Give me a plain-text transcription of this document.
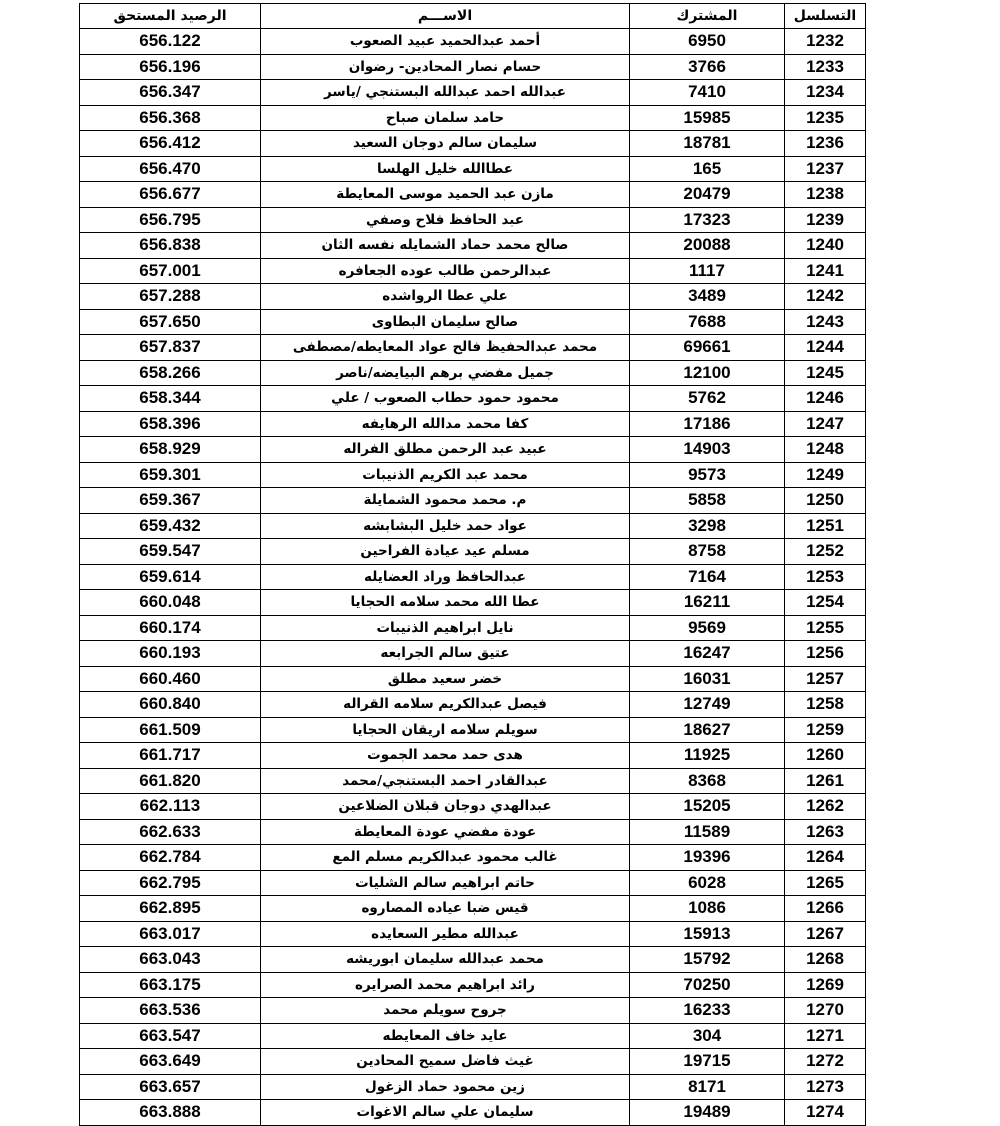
الرصيد المستحق	الاســـم	المشترك	التسلسل
656.122	أحمد عبدالحميد عبيد الصعوب	6950	1232
656.196	حسام نصار المحادين- رضوان	3766	1233
656.347	عبدالله احمد عبدالله البستنجي /ياسر	7410	1234
656.368	حامد سلمان صباح	15985	1235
656.412	سليمان سالم دوجان السعيد	18781	1236
656.470	عطاالله خليل الهلسا	165	1237
656.677	مازن عبد الحميد موسى المعايطة	20479	1238
656.795	عبد الحافظ فلاح وصفي	17323	1239
656.838	صالح محمد حماد الشمايله نفسه الثان	20088	1240
657.001	عبدالرحمن طالب عوده الجعافره	1117	1241
657.288	علي عطا الرواشده	3489	1242
657.650	صالح سليمان البطاوى	7688	1243
657.837	محمد عبدالحفيظ فالح عواد المعايطه/مصطفى	69661	1244
658.266	جميل مفضي برهم البيايضه/ناصر	12100	1245
658.344	محمود حمود حطاب الصعوب / علي	5762	1246
658.396	كفا محمد مدالله الرهايفه	17186	1247
658.929	عبيد عبد الرحمن مطلق الفراله	14903	1248
659.301	محمد عبد الكريم الذنيبات	9573	1249
659.367	م. محمد محمود الشمايلة	5858	1250
659.432	عواد حمد خليل البشابشه	3298	1251
659.547	مسلم عيد عيادة الفراحين	8758	1252
659.614	عبدالحافظ وراد العضايله	7164	1253
660.048	عطا الله محمد سلامه الحجايا	16211	1254
660.174	نايل ابراهيم الذنيبات	9569	1255
660.193	عتيق سالم الجرابعه	16247	1256
660.460	خضر سعيد مطلق	16031	1257
660.840	فيصل عبدالكريم سلامه القراله	12749	1258
661.509	سويلم سلامه اريقان الحجايا	18627	1259
661.717	هدى حمد محمد الجموت	11925	1260
661.820	عبدالقادر احمد البستنجي/محمد	8368	1261
662.113	عبدالهدي دوجان قبلان الضلاعين	15205	1262
662.633	عودة مفضي عودة المعايطة	11589	1263
662.784	غالب محمود عبدالكريم مسلم المع	19396	1264
662.795	حاتم ابراهيم سالم الشليات	6028	1265
662.895	قيس ضبا عياده المصاروه	1086	1266
663.017	عبدالله مطير السعايده	15913	1267
663.043	محمد عبدالله سليمان ابوريشه	15792	1268
663.175	رائد ابراهيم محمد الصرايره	70250	1269
663.536	جروح سويلم محمد	16233	1270
663.547	عايد خاف المعايطه	304	1271
663.649	غيث فاضل سميح المحادين	19715	1272
663.657	زين محمود حماد الزغول	8171	1273
663.888	سليمان علي سالم الاغوات	19489	1274
